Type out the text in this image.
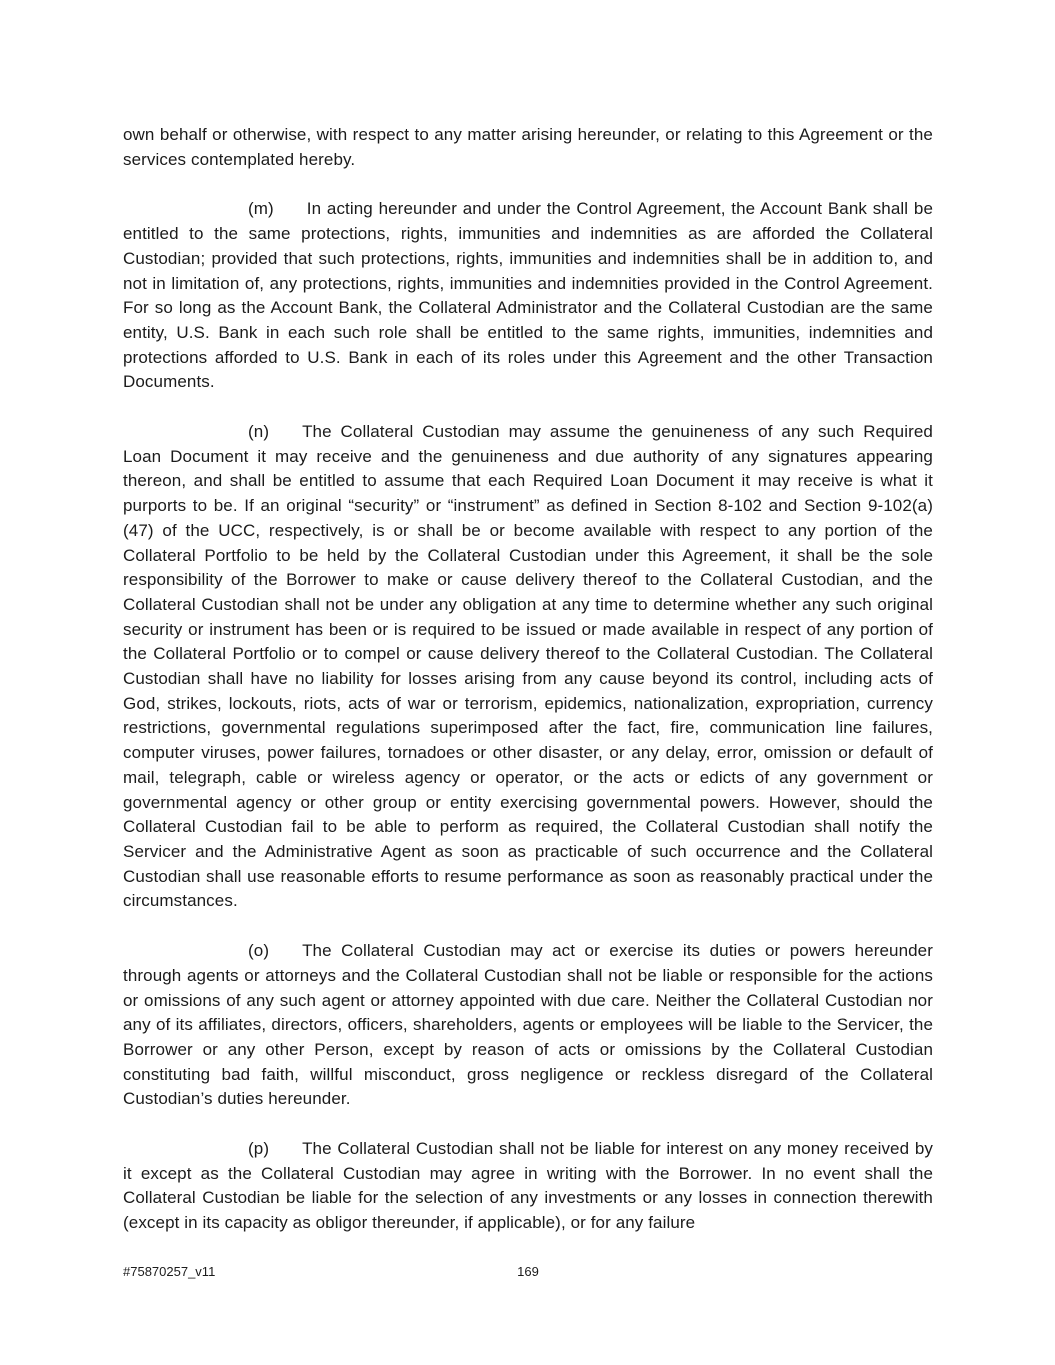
own behalf or otherwise, with respect to any matter arising hereunder, or relating to this Agreement or the services contemplated hereby.

(m) In acting hereunder and under the Control Agreement, the Account Bank shall be entitled to the same protections, rights, immunities and indemnities as are afforded the Collateral Custodian; provided that such protections, rights, immunities and indemnities shall be in addition to, and not in limitation of, any protections, rights, immunities and indemnities provided in the Control Agreement. For so long as the Account Bank, the Collateral Administrator and the Collateral Custodian are the same entity, U.S. Bank in each such role shall be entitled to the same rights, immunities, indemnities and protections afforded to U.S. Bank in each of its roles under this Agreement and the other Transaction Documents.

(n) The Collateral Custodian may assume the genuineness of any such Required Loan Document it may receive and the genuineness and due authority of any signatures appearing thereon, and shall be entitled to assume that each Required Loan Document it may receive is what it purports to be. If an original “security” or “instrument” as defined in Section 8-102 and Section 9-102(a)(47) of the UCC, respectively, is or shall be or become available with respect to any portion of the Collateral Portfolio to be held by the Collateral Custodian under this Agreement, it shall be the sole responsibility of the Borrower to make or cause delivery thereof to the Collateral Custodian, and the Collateral Custodian shall not be under any obligation at any time to determine whether any such original security or instrument has been or is required to be issued or made available in respect of any portion of the Collateral Portfolio or to compel or cause delivery thereof to the Collateral Custodian. The Collateral Custodian shall have no liability for losses arising from any cause beyond its control, including acts of God, strikes, lockouts, riots, acts of war or terrorism, epidemics, nationalization, expropriation, currency restrictions, governmental regulations superimposed after the fact, fire, communication line failures, computer viruses, power failures, tornadoes or other disaster, or any delay, error, omission or default of mail, telegraph, cable or wireless agency or operator, or the acts or edicts of any government or governmental agency or other group or entity exercising governmental powers. However, should the Collateral Custodian fail to be able to perform as required, the Collateral Custodian shall notify the Servicer and the Administrative Agent as soon as practicable of such occurrence and the Collateral Custodian shall use reasonable efforts to resume performance as soon as reasonably practical under the circumstances.

(o) The Collateral Custodian may act or exercise its duties or powers hereunder through agents or attorneys and the Collateral Custodian shall not be liable or responsible for the actions or omissions of any such agent or attorney appointed with due care. Neither the Collateral Custodian nor any of its affiliates, directors, officers, shareholders, agents or employees will be liable to the Servicer, the Borrower or any other Person, except by reason of acts or omissions by the Collateral Custodian constituting bad faith, willful misconduct, gross negligence or reckless disregard of the Collateral Custodian’s duties hereunder.

(p) The Collateral Custodian shall not be liable for interest on any money received by it except as the Collateral Custodian may agree in writing with the Borrower. In no event shall the Collateral Custodian be liable for the selection of any investments or any losses in connection therewith (except in its capacity as obligor thereunder, if applicable), or for any failure

#75870257_v11	169
